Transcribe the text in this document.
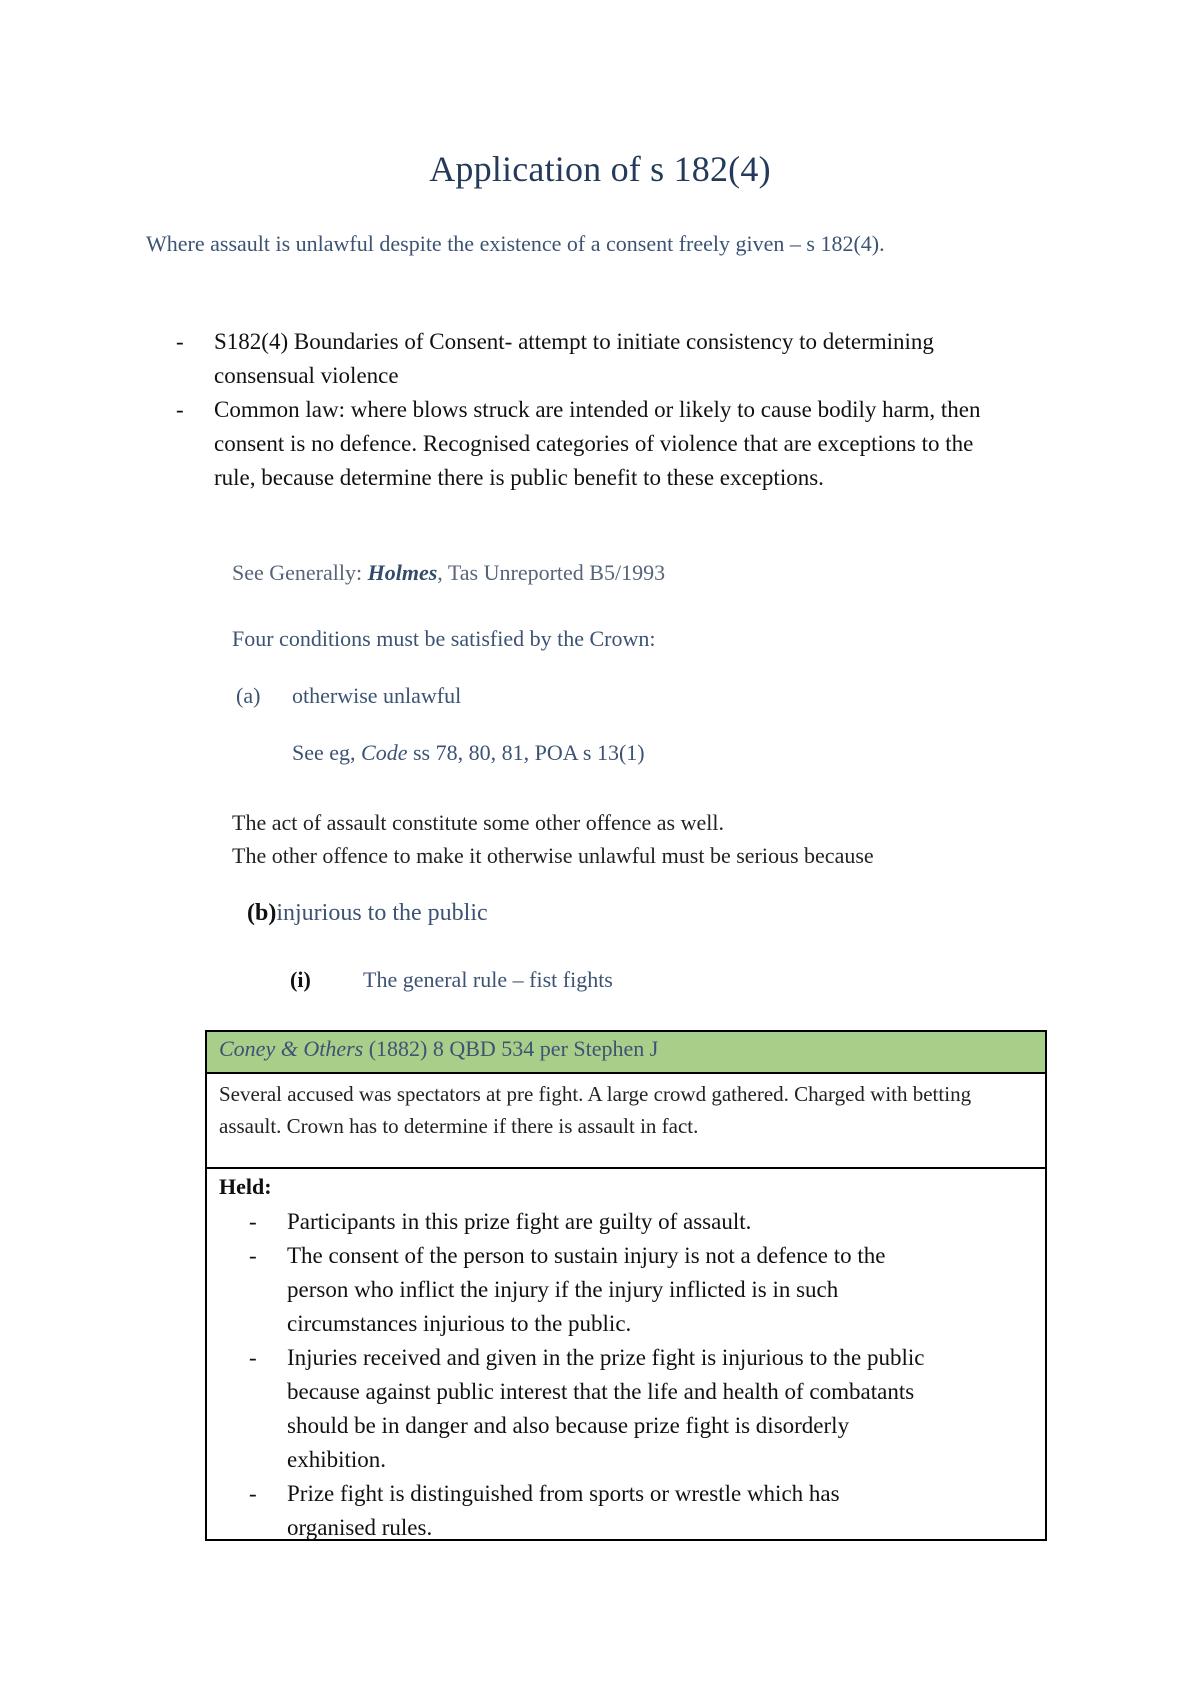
Application of s 182(4)

Where assault is unlawful despite the existence of a consent freely given – s 182(4).

- S182(4) Boundaries of Consent- attempt to initiate consistency to determining consensual violence
- Common law: where blows struck are intended or likely to cause bodily harm, then consent is no defence. Recognised categories of violence that are exceptions to the rule, because determine there is public benefit to these exceptions.
See Generally: Holmes, Tas Unreported B5/1993
Four conditions must be satisfied by the Crown:
(a) otherwise unlawful
See eg, Code ss 78, 80, 81, POA s 13(1)
The act of assault constitute some other offence as well.
The other offence to make it otherwise unlawful must be serious because
(b)injurious to the public
(i) The general rule – fist fights
Coney & Others (1882) 8 QBD 534 per Stephen J
Several accused was spectators at pre fight. A large crowd gathered. Charged with betting assault. Crown has to determine if there is assault in fact.
Held:
- Participants in this prize fight are guilty of assault.
- The consent of the person to sustain injury is not a defence to the person who inflict the injury if the injury inflicted is in such circumstances injurious to the public.
- Injuries received and given in the prize fight is injurious to the public because against public interest that the life and health of combatants should be in danger and also because prize fight is disorderly exhibition.
- Prize fight is distinguished from sports or wrestle which has organised rules.
